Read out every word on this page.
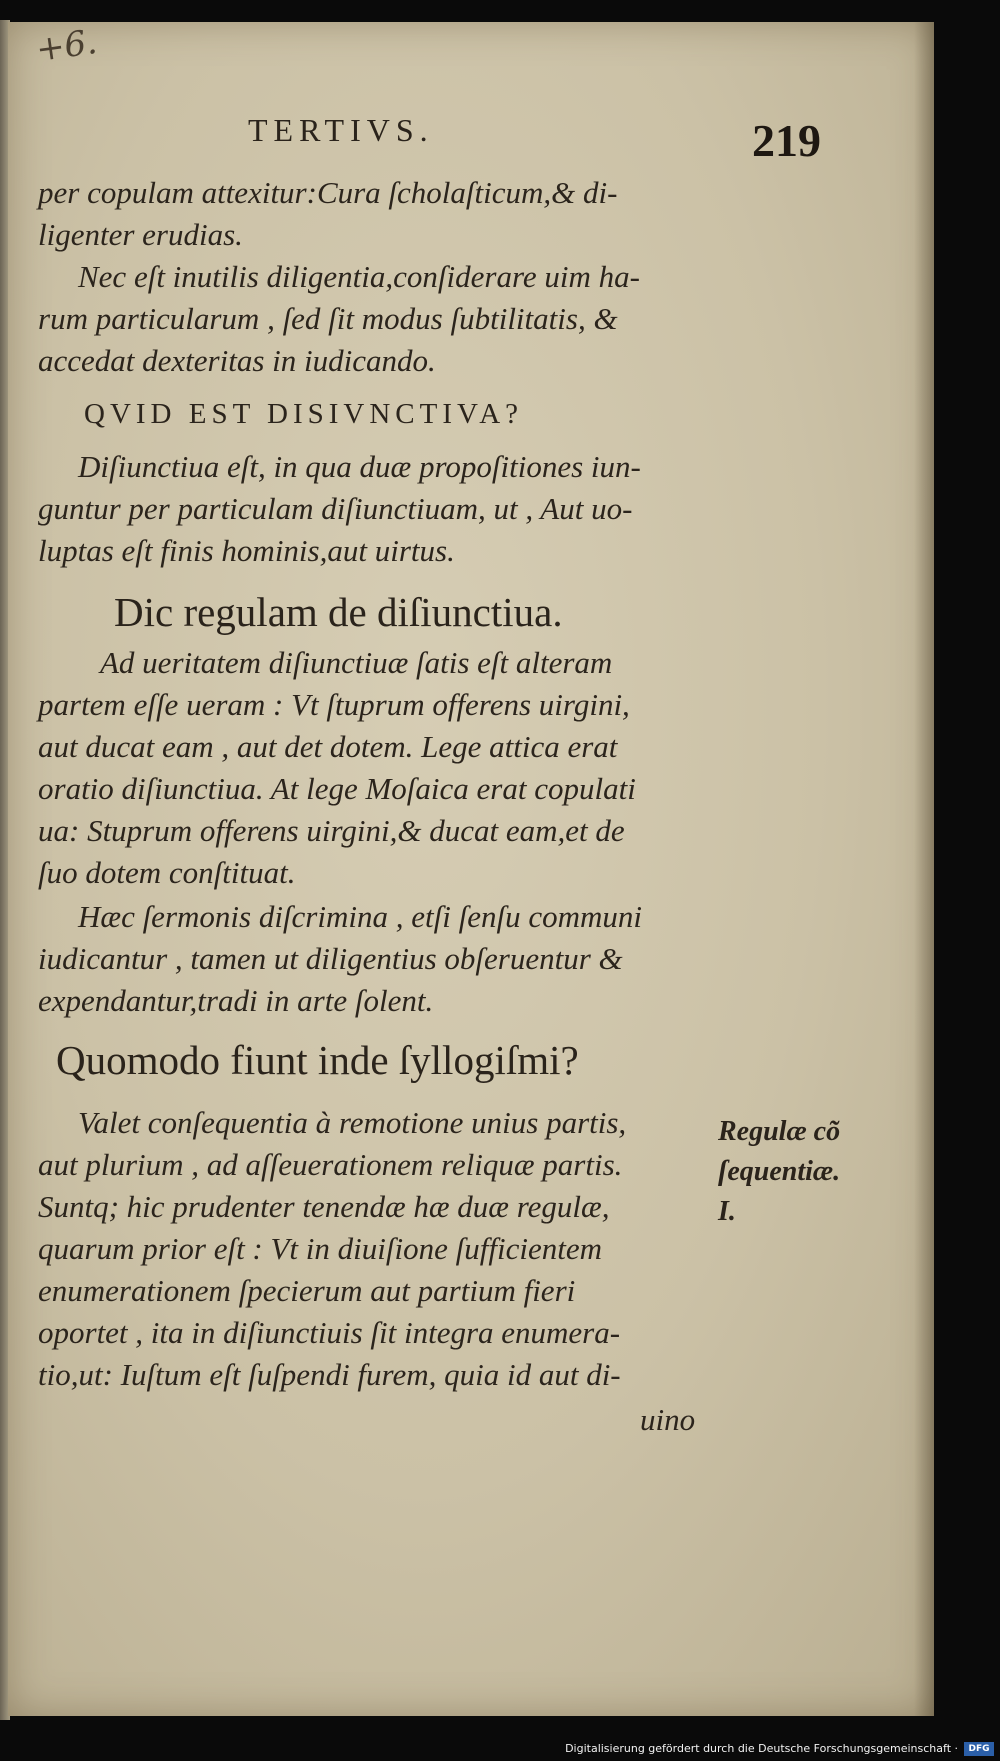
+6.
TERTIVS.	219
per copulam attexitur:Cura ſcholaſticum,& di-
ligenter erudias.
Nec eſt inutilis diligentia,conſiderare uim ha-
rum particularum , ſed ſit modus ſubtilitatis, &
accedat dexteritas in iudicando.
QVID EST DISIVNCTIVA?
Diſiunctiua eſt, in qua duæ propoſitiones iun-
guntur per particulam diſiunctiuam, ut , Aut uo-
luptas eſt finis hominis,aut uirtus.
Dic regulam de diſiunctiua.
Ad ueritatem diſiunctiuæ ſatis eſt alteram
partem eſſe ueram : Vt ſtuprum offerens uirgini,
aut ducat eam , aut det dotem. Lege attica erat
oratio diſiunctiua. At lege Moſaica erat copulati
ua: Stuprum offerens uirgini,& ducat eam,et de
ſuo dotem conſtituat.
Hæc ſermonis diſcrimina , etſi ſenſu communi
iudicantur , tamen ut diligentius obſeruentur &
expendantur,tradi in arte ſolent.
Quomodo fiunt inde ſyllogiſmi?
Valet conſequentia à remotione unius partis,
aut plurium , ad aſſeuerationem reliquæ partis.
Suntq; hic prudenter tenendæ hæ duæ regulæ,
quarum prior eſt : Vt in diuiſione ſufficientem
enumerationem ſpecierum aut partium fieri
oportet , ita in diſiunctiuis ſit integra enumera-
tio,ut: Iuſtum eſt ſuſpendi furem, quia id aut di-
uino
Regulæ cõ
ſequentiæ.
I.
Digitalisierung gefördert durch die Deutsche Forschungsgemeinschaft ·	DFG
